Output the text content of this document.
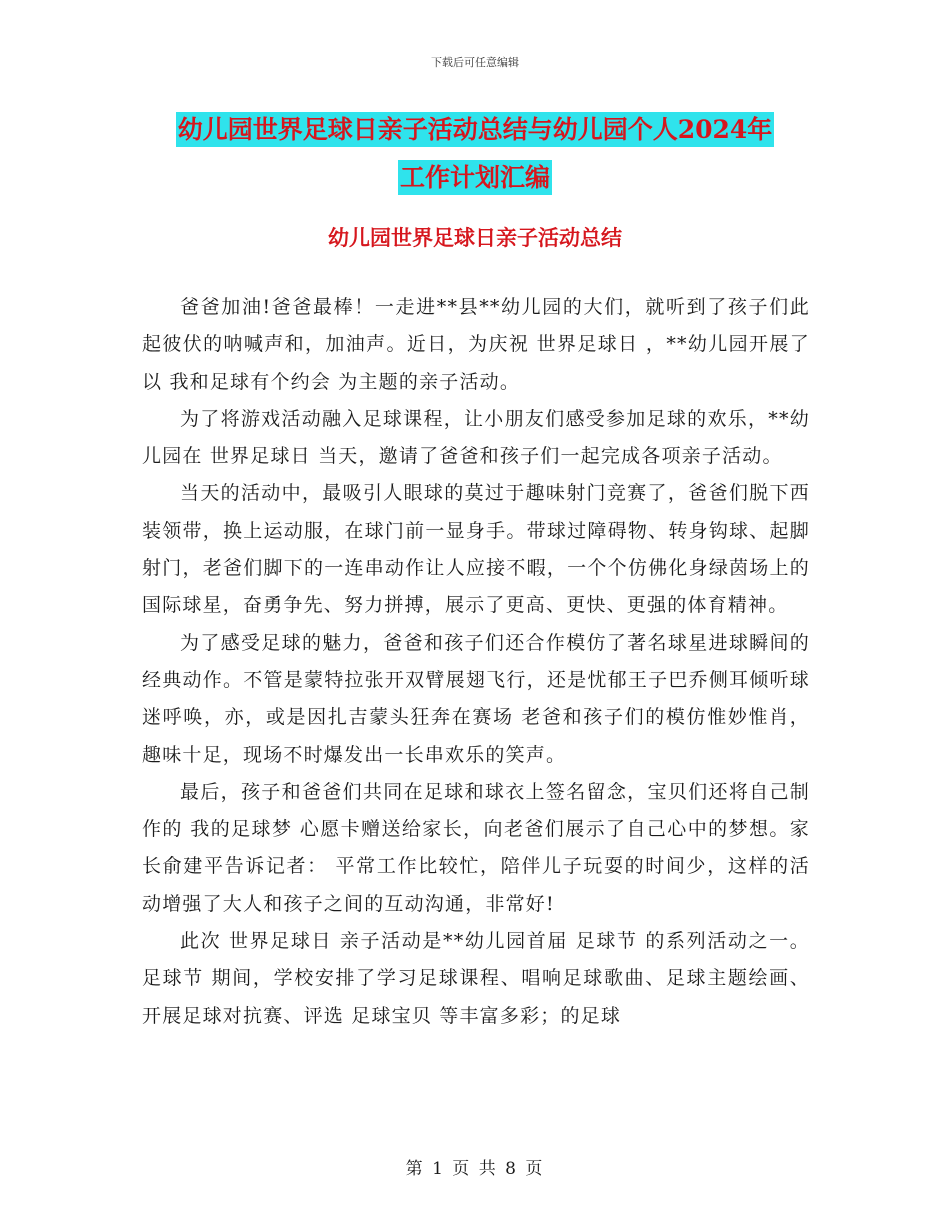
下载后可任意编辑
幼儿园世界足球日亲子活动总结与幼儿园个人2024年
工作计划汇编
幼儿园世界足球日亲子活动总结

爸爸加油!爸爸最棒！一走进**县**幼儿园的大们，就听到了孩子们此起彼伏的呐喊声和，加油声。近日，为庆祝 世界足球日 ，**幼儿园开展了以 我和足球有个约会 为主题的亲子活动。

为了将游戏活动融入足球课程，让小朋友们感受参加足球的欢乐，**幼儿园在 世界足球日 当天，邀请了爸爸和孩子们一起完成各项亲子活动。

当天的活动中，最吸引人眼球的莫过于趣味射门竞赛了，爸爸们脱下西装领带，换上运动服，在球门前一显身手。带球过障碍物、转身钩球、起脚射门，老爸们脚下的一连串动作让人应接不暇，一个个仿佛化身绿茵场上的国际球星，奋勇争先、努力拼搏，展示了更高、更快、更强的体育精神。

为了感受足球的魅力，爸爸和孩子们还合作模仿了著名球星进球瞬间的经典动作。不管是蒙特拉张开双臂展翅飞行，还是忧郁王子巴乔侧耳倾听球迷呼唤，亦，或是因扎吉蒙头狂奔在赛场 老爸和孩子们的模仿惟妙惟肖，趣味十足，现场不时爆发出一长串欢乐的笑声。

最后，孩子和爸爸们共同在足球和球衣上签名留念，宝贝们还将自己制作的 我的足球梦 心愿卡赠送给家长，向老爸们展示了自己心中的梦想。家长俞建平告诉记者： 平常工作比较忙，陪伴儿子玩耍的时间少，这样的活动增强了大人和孩子之间的互动沟通，非常好!

此次 世界足球日 亲子活动是**幼儿园首届 足球节 的系列活动之一。 足球节 期间，学校安排了学习足球课程、唱响足球歌曲、足球主题绘画、开展足球对抗赛、评选 足球宝贝 等丰富多彩；的足球

第 1 页 共 8 页
